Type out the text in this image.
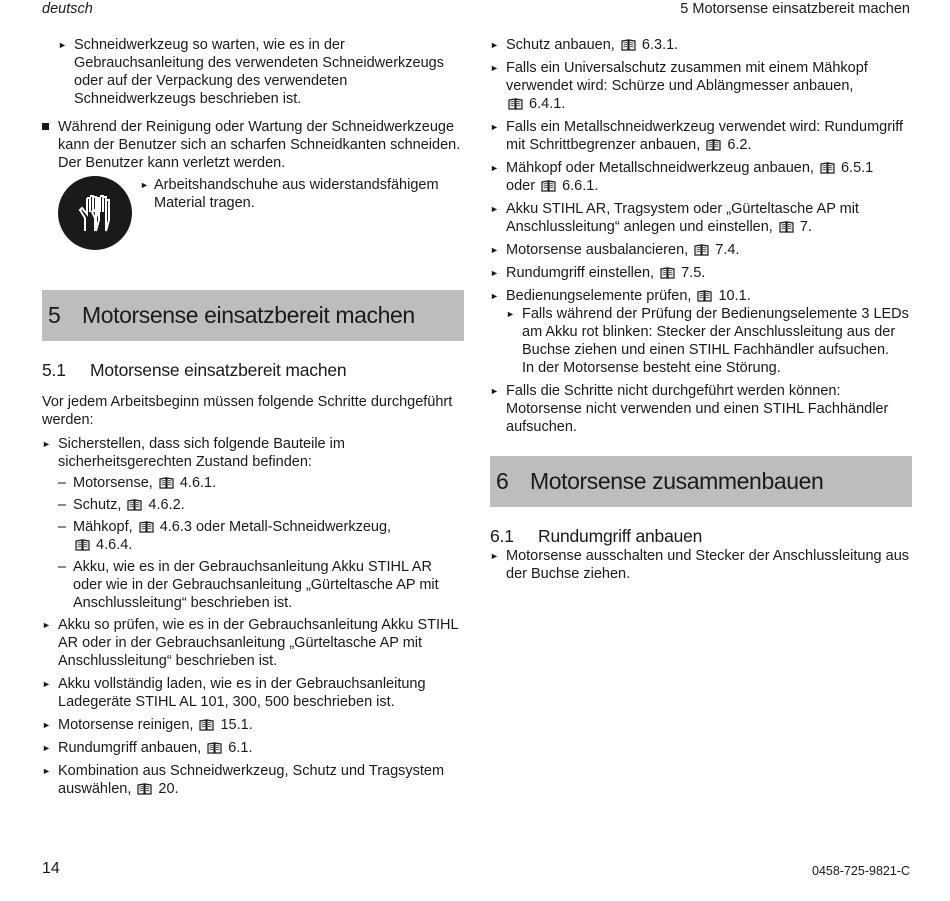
deutsch	5 Motorsense einsatzbereit machen
► Schneidwerkzeug so warten, wie es in der Gebrauchsanleitung des verwendeten Schneidwerkzeugs oder auf der Verpackung des verwendeten Schneidwerkzeugs beschrieben ist.
Während der Reinigung oder Wartung der Schneidwerkzeuge kann der Benutzer sich an scharfen Schneidkanten schneiden. Der Benutzer kann verletzt werden.
► Arbeitshandschuhe aus widerstandsfähigem Material tragen.
5 Motorsense einsatzbereit machen
5.1 Motorsense einsatzbereit machen

Vor jedem Arbeitsbeginn müssen folgende Schritte durchgeführt werden:

► Sicherstellen, dass sich folgende Bauteile im sicherheitsgerechten Zustand befinden:
– Motorsense, 4.6.1.
– Schutz, 4.6.2.
– Mähkopf, 4.6.3 oder Metall-Schneidwerkzeug,
4.6.4.
– Akku, wie es in der Gebrauchsanleitung Akku STIHL AR oder wie in der Gebrauchsanleitung „Gürteltasche AP mit Anschlussleitung“ beschrieben ist.
► Akku so prüfen, wie es in der Gebrauchsanleitung Akku STIHL AR oder in der Gebrauchsanleitung „Gürteltasche AP mit Anschlussleitung“ beschrieben ist.
► Akku vollständig laden, wie es in der Gebrauchsanleitung Ladegeräte STIHL AL 101, 300, 500 beschrieben ist.
► Motorsense reinigen, 15.1.
► Rundumgriff anbauen, 6.1.
► Kombination aus Schneidwerkzeug, Schutz und Tragsystem auswählen, 20.
► Schutz anbauen, 6.3.1.
► Falls ein Universalschutz zusammen mit einem Mähkopf verwendet wird: Schürze und Ablängmesser anbauen,
6.4.1.
► Falls ein Metallschneidwerkzeug verwendet wird: Rundumgriff mit Schrittbegrenzer anbauen, 6.2.
► Mähkopf oder Metallschneidwerkzeug anbauen, 6.5.1
oder 6.6.1.
► Akku STIHL AR, Tragsystem oder „Gürteltasche AP mit Anschlussleitung“ anlegen und einstellen, 7.
► Motorsense ausbalancieren, 7.4.
► Rundumgriff einstellen, 7.5.
► Bedienungselemente prüfen, 10.1.
► Falls während der Prüfung der Bedienungselemente 3 LEDs am Akku rot blinken: Stecker der Anschlussleitung aus der Buchse ziehen und einen STIHL Fachhändler aufsuchen.
In der Motorsense besteht eine Störung.
► Falls die Schritte nicht durchgeführt werden können: Motorsense nicht verwenden und einen STIHL Fachhändler aufsuchen.
6 Motorsense zusammenbauen
6.1 Rundumgriff anbauen
► Motorsense ausschalten und Stecker der Anschlussleitung aus der Buchse ziehen.
14	0458-725-9821-C
